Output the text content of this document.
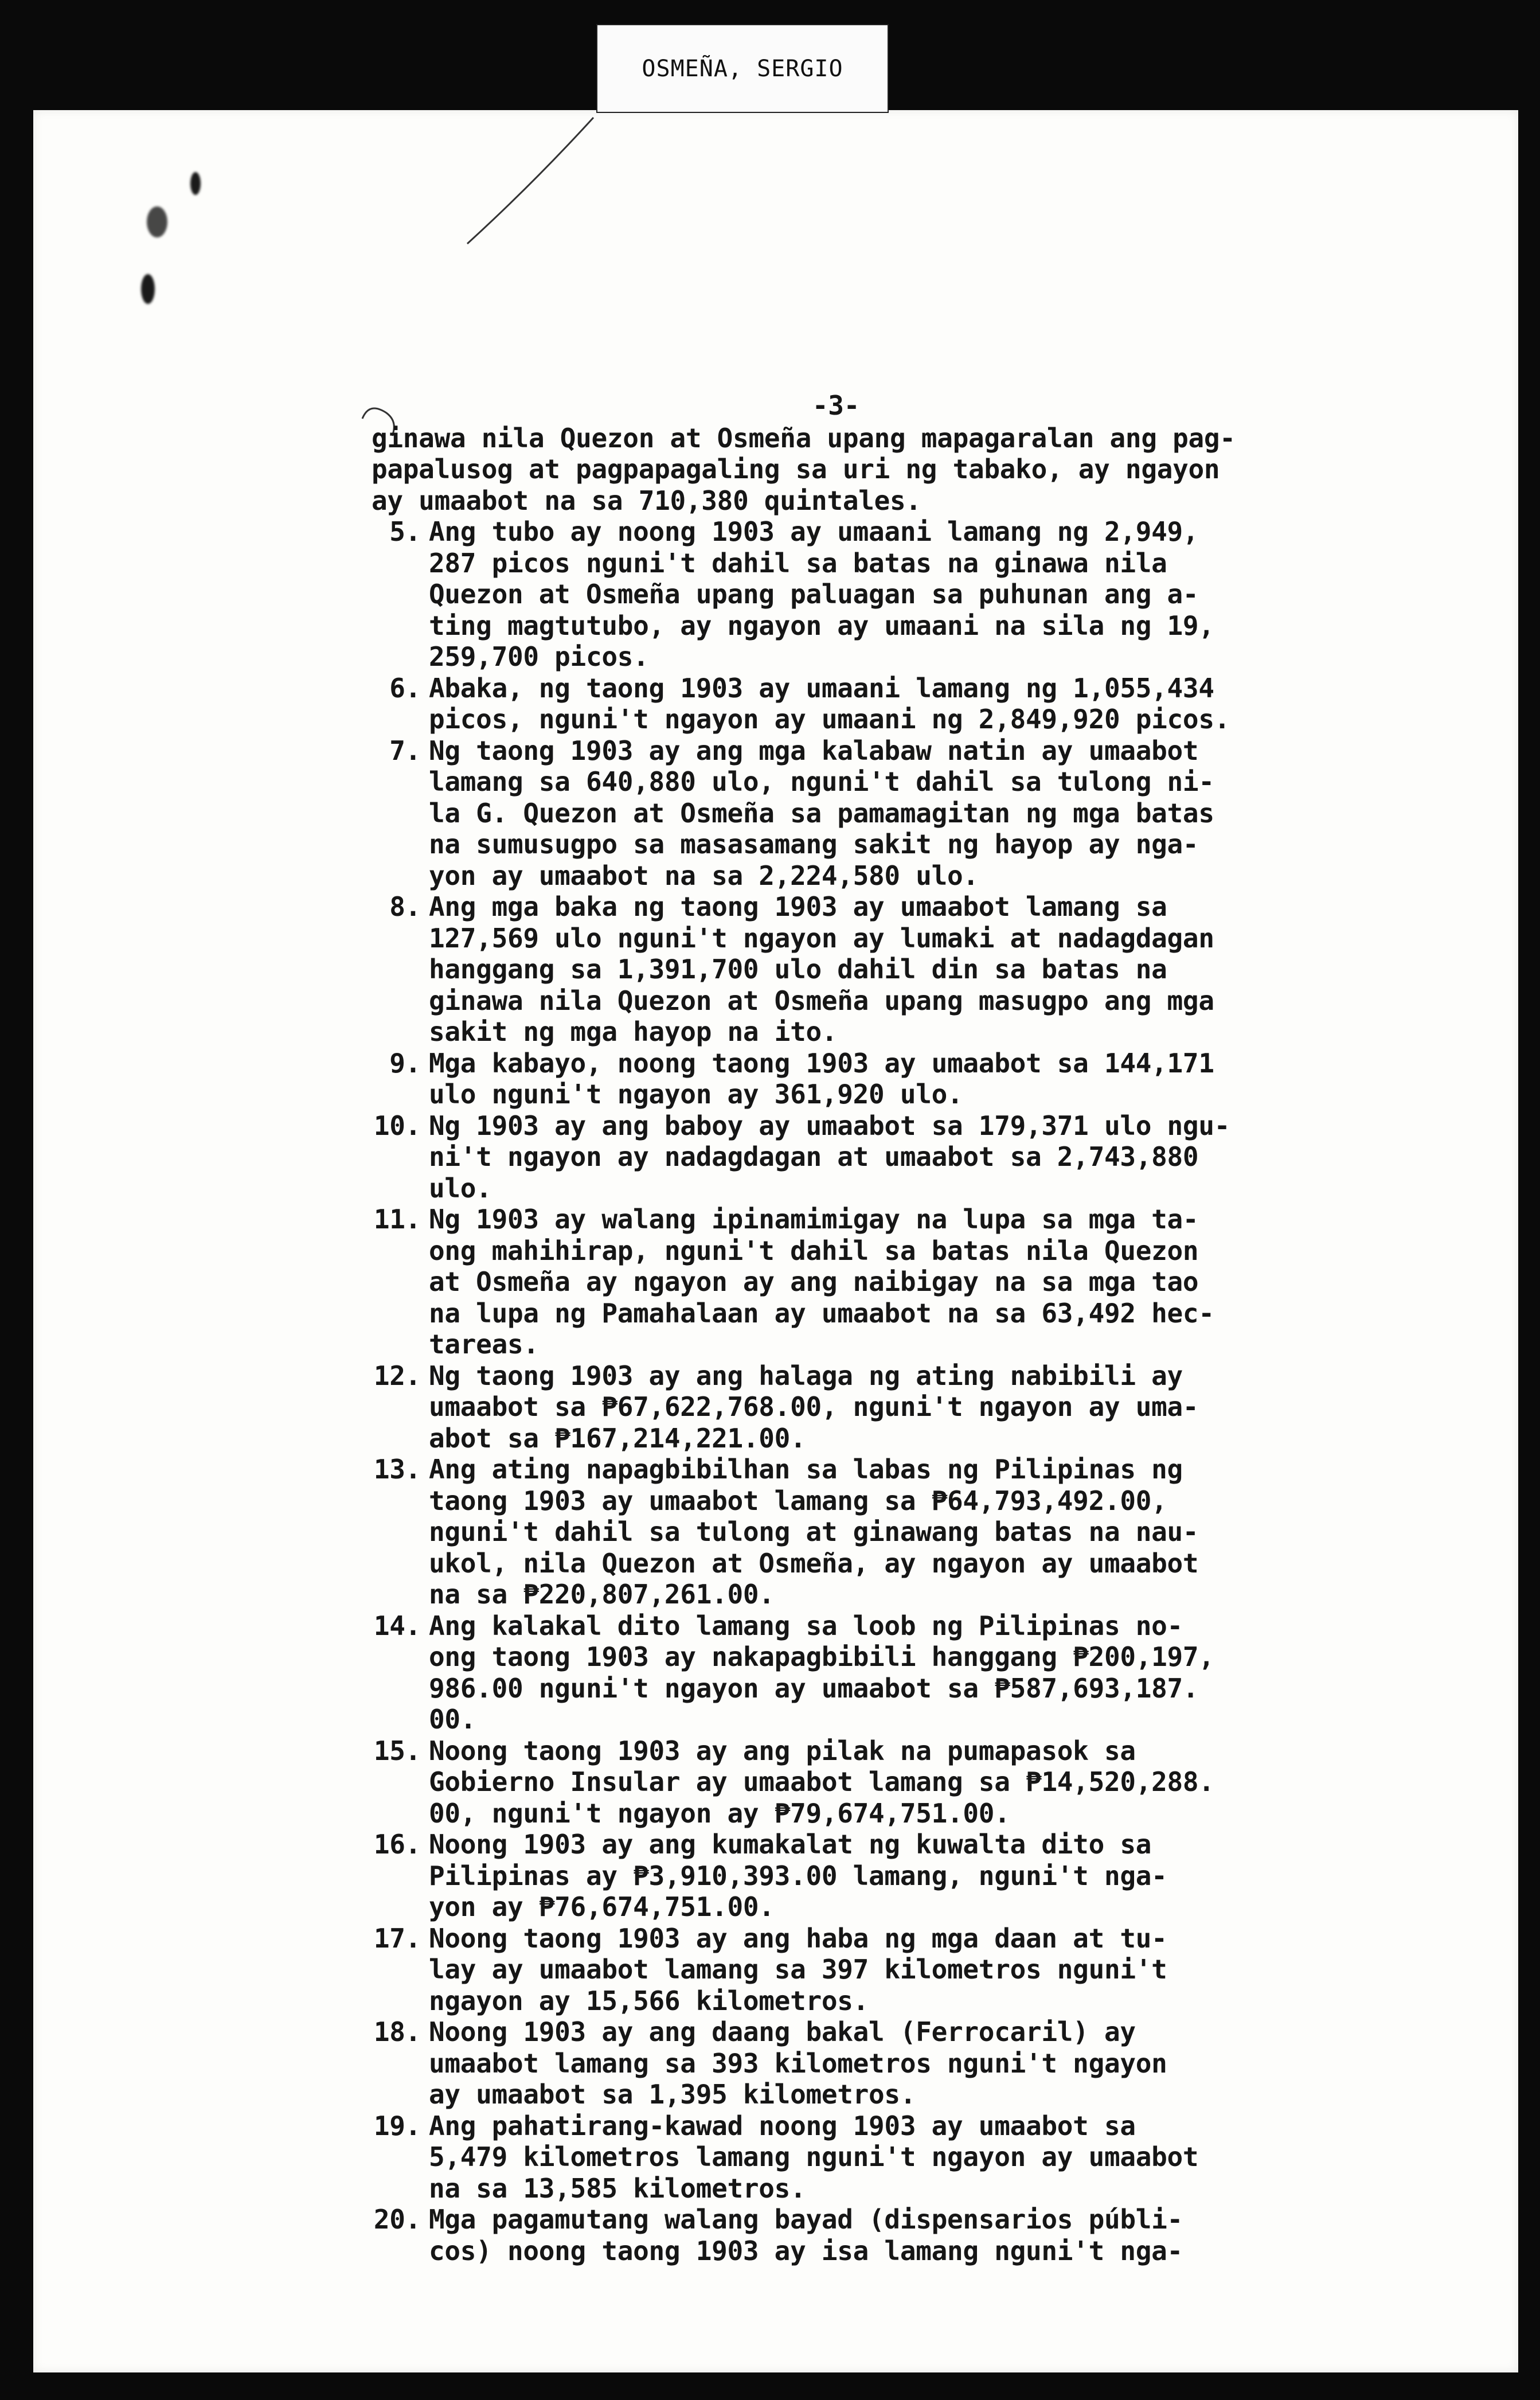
OSMEÑA, SERGIO
-3-

ginawa nila Quezon at Osmeña upang mapagaralan ang pag-
papalusog at pagpapagaling sa uri ng tabako, ay ngayon
ay umaabot na sa 710,380 quintales.

5. Ang tubo ay noong 1903 ay umaani lamang ng 2,949,
287 picos nguni't dahil sa batas na ginawa nila
Quezon at Osmeña upang paluagan sa puhunan ang a-
ting magtutubo, ay ngayon ay umaani na sila ng 19,
259,700 picos.
6. Abaka, ng taong 1903 ay umaani lamang ng 1,055,434
picos, nguni't ngayon ay umaani ng 2,849,920 picos.
7. Ng taong 1903 ay ang mga kalabaw natin ay umaabot
lamang sa 640,880 ulo, nguni't dahil sa tulong ni-
la G. Quezon at Osmeña sa pamamagitan ng mga batas
na sumusugpo sa masasamang sakit ng hayop ay nga-
yon ay umaabot na sa 2,224,580 ulo.
8. Ang mga baka ng taong 1903 ay umaabot lamang sa
127,569 ulo nguni't ngayon ay lumaki at nadagdagan
hanggang sa 1,391,700 ulo dahil din sa batas na
ginawa nila Quezon at Osmeña upang masugpo ang mga
sakit ng mga hayop na ito.
9. Mga kabayo, noong taong 1903 ay umaabot sa 144,171
ulo nguni't ngayon ay 361,920 ulo.
10. Ng 1903 ay ang baboy ay umaabot sa 179,371 ulo ngu-
ni't ngayon ay nadagdagan at umaabot sa 2,743,880
ulo.
11. Ng 1903 ay walang ipinamimigay na lupa sa mga ta-
ong mahihirap, nguni't dahil sa batas nila Quezon
at Osmeña ay ngayon ay ang naibigay na sa mga tao
na lupa ng Pamahalaan ay umaabot na sa 63,492 hec-
tareas.
12. Ng taong 1903 ay ang halaga ng ating nabibili ay
umaabot sa ₱67,622,768.00, nguni't ngayon ay uma-
abot sa ₱167,214,221.00.
13. Ang ating napagbibilhan sa labas ng Pilipinas ng
taong 1903 ay umaabot lamang sa ₱64,793,492.00,
nguni't dahil sa tulong at ginawang batas na nau-
ukol, nila Quezon at Osmeña, ay ngayon ay umaabot
na sa ₱220,807,261.00.
14. Ang kalakal dito lamang sa loob ng Pilipinas no-
ong taong 1903 ay nakapagbibili hanggang ₱200,197,
986.00 nguni't ngayon ay umaabot sa ₱587,693,187.
00.
15. Noong taong 1903 ay ang pilak na pumapasok sa
Gobierno Insular ay umaabot lamang sa ₱14,520,288.
00, nguni't ngayon ay ₱79,674,751.00.
16. Noong 1903 ay ang kumakalat ng kuwalta dito sa
Pilipinas ay ₱3,910,393.00 lamang, nguni't nga-
yon ay ₱76,674,751.00.
17. Noong taong 1903 ay ang haba ng mga daan at tu-
lay ay umaabot lamang sa 397 kilometros nguni't
ngayon ay 15,566 kilometros.
18. Noong 1903 ay ang daang bakal (Ferrocaril) ay
umaabot lamang sa 393 kilometros nguni't ngayon
ay umaabot sa 1,395 kilometros.
19. Ang pahatirang-kawad noong 1903 ay umaabot sa
5,479 kilometros lamang nguni't ngayon ay umaabot
na sa 13,585 kilometros.
20. Mga pagamutang walang bayad (dispensarios públi-
cos) noong taong 1903 ay isa lamang nguni't nga-
